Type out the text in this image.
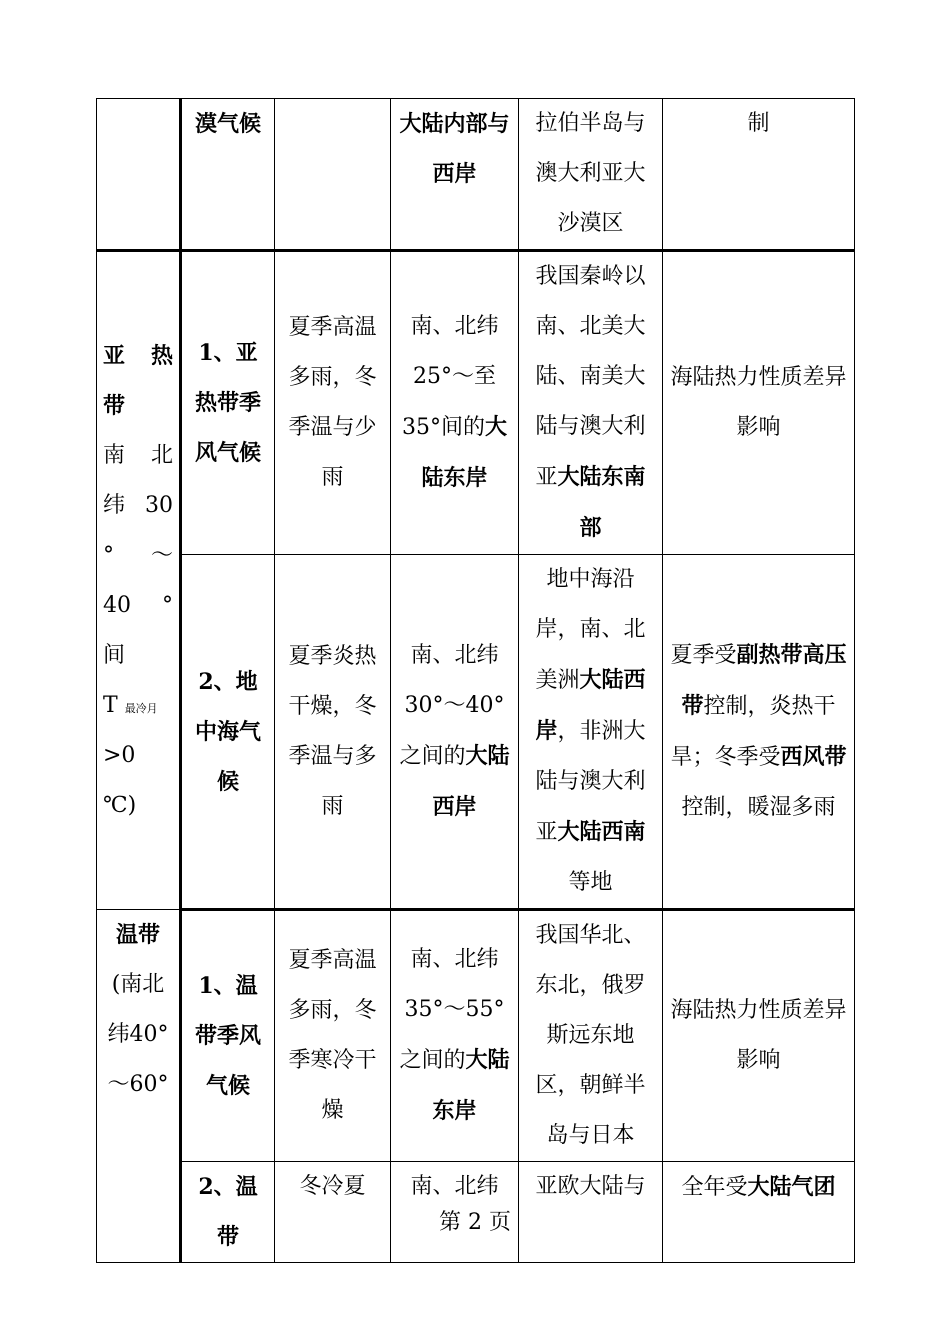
	漠气候		大陆内部与西岸	拉伯半岛与澳大利亚大沙漠区	制

亚 热 带
南 北 纬 30 ° ～ 40 ° 间
T 最冷月 >0 ℃)	1、亚热带季风气候	夏季高温多雨，冬季温与少雨	南、北纬25°～至35°间的大陆东岸	我国秦岭以南、北美大陆、南美大陆与澳大利亚大陆东南部	海陆热力性质差异影响
	2、地中海气候	夏季炎热干燥，冬季温与多雨	南、北纬30°～40°之间的大陆西岸	地中海沿岸，南、北美洲大陆西岸，非洲大陆与澳大利亚大陆西南等地	夏季受副热带高压带控制，炎热干旱；冬季受西风带控制，暖湿多雨

温带
(南北纬40°～60°	1、温带季风气候	夏季高温多雨，冬季寒冷干燥	南、北纬35°～55°之间的大陆东岸	我国华北、东北，俄罗斯远东地区，朝鲜半岛与日本	海陆热力性质差异影响
	2、温带	冬冷夏	南、北纬	亚欧大陆与	全年受大陆气团
第 2 页
